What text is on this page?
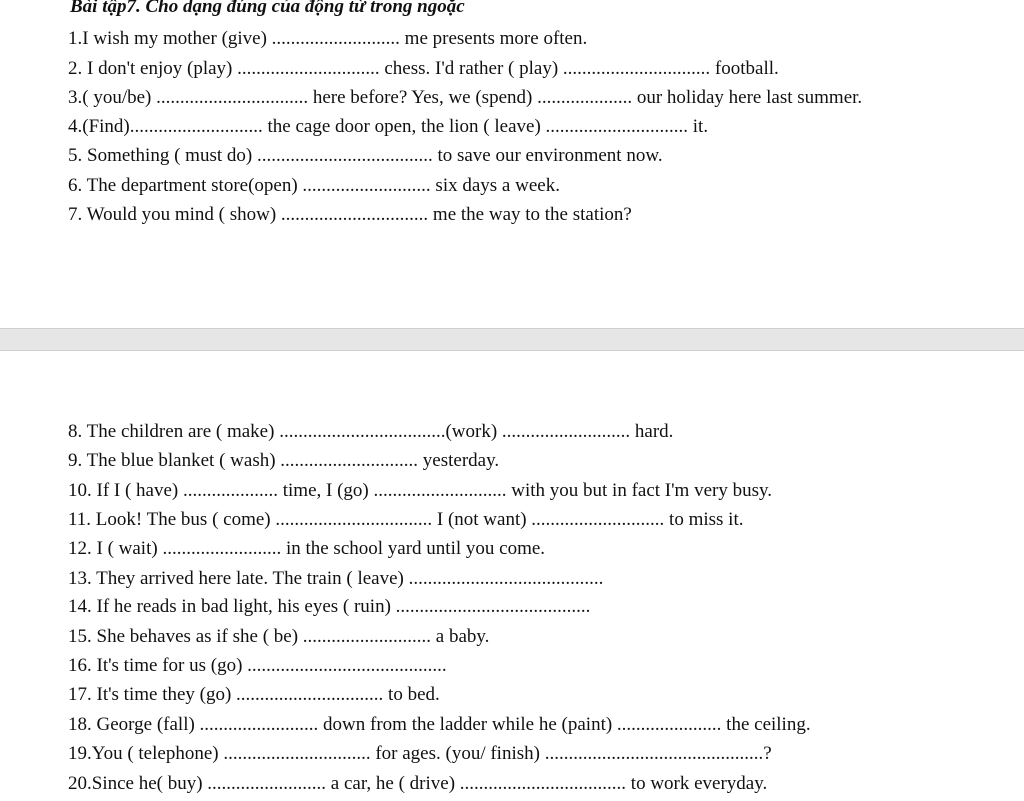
Bài tập7. Cho dạng đúng của động từ trong ngoặc
1.I wish my mother (give) ........................... me presents more often.
2. I don't enjoy (play) .............................. chess. I'd rather ( play) ............................... football.
3.( you/be) ................................ here before? Yes, we (spend) .................... our holiday here last summer.
4.(Find)............................ the cage door open, the lion ( leave) .............................. it.
5. Something ( must do) ..................................... to save our environment now.
6. The department store(open) ........................... six days a week.
7. Would you mind ( show) ............................... me the way to the station?
8. The children are ( make) ...................................(work) ........................... hard.
9. The blue blanket ( wash) ............................. yesterday.
10. If I ( have) .................... time, I (go) ............................ with you but in fact I'm very busy.
11. Look! The bus ( come) ................................. I (not want) ............................ to miss it.
12. I ( wait) ......................... in the school yard until you come.
13. They arrived here late. The train ( leave) .........................................
14. If he reads in bad light, his eyes ( ruin) .........................................
15. She behaves as if she ( be) ........................... a baby.
16. It's time for us (go) ..........................................
17. It's time they (go) ............................... to bed.
18. George (fall) ......................... down from the ladder while he (paint) ...................... the ceiling.
19.You ( telephone) ............................... for ages. (you/ finish) ..............................................?
20.Since he( buy) ......................... a car, he ( drive) ................................... to work everyday.
